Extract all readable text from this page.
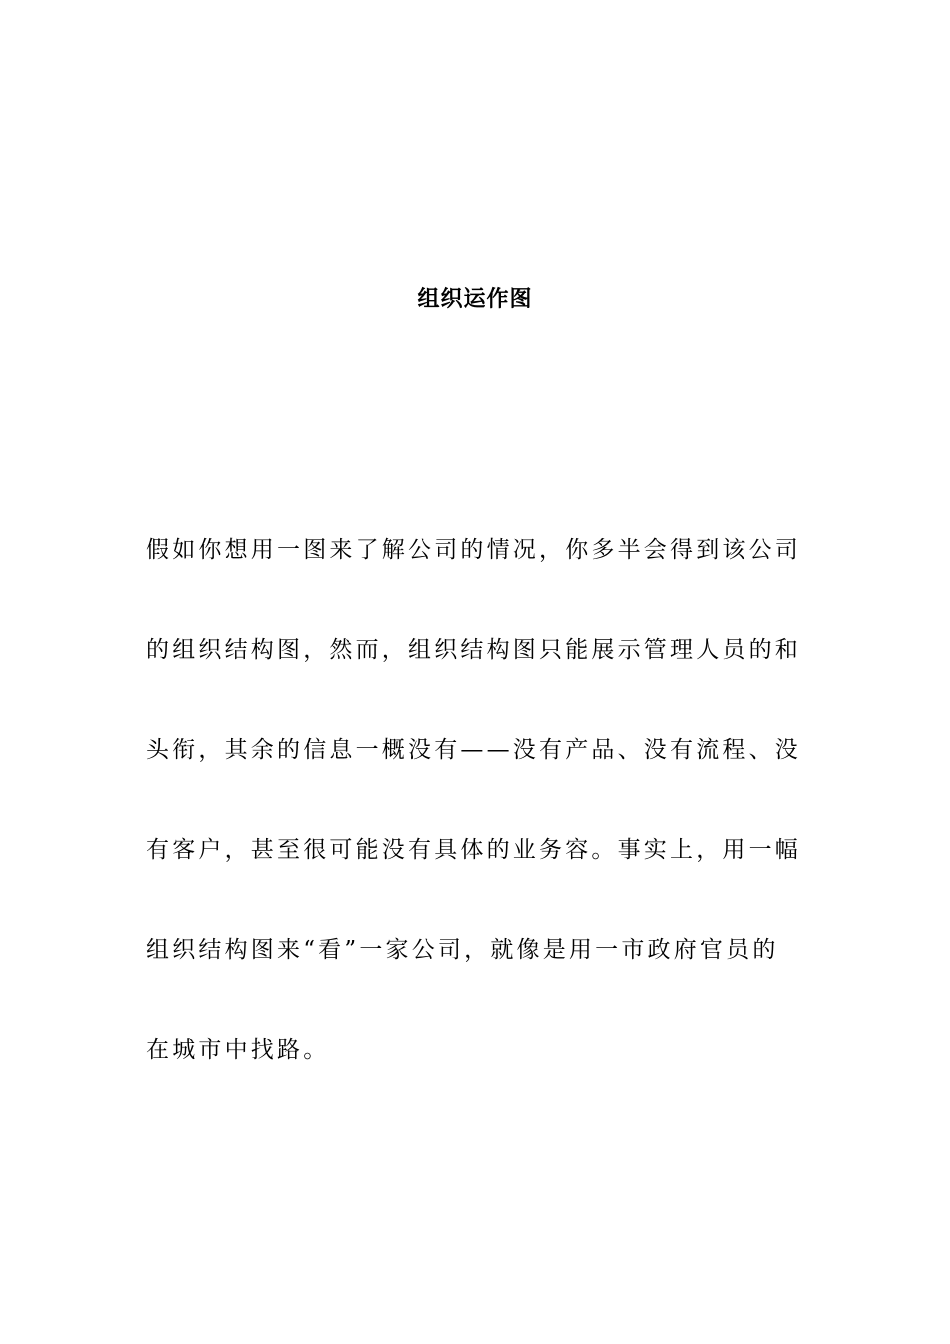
组织运作图
假如你想用一图来了解公司的情况，你多半会得到该公司
的组织结构图，然而，组织结构图只能展示管理人员的和
头衔，其余的信息一概没有——没有产品、没有流程、没
有客户，甚至很可能没有具体的业务容。事实上，用一幅
组织结构图来“看”一家公司，就像是用一市政府官员的
在城市中找路。
